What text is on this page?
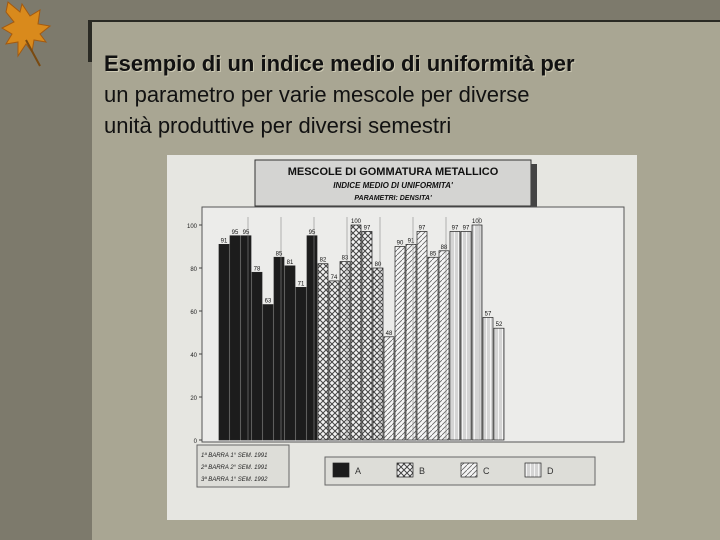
Esempio di un indice medio di uniformità per
un parametro per varie mescole per diverse
unità produttive per diversi semestri
MESCOLE DI GOMMATURA METALLICO
INDICE MEDIO DI UNIFORMITA'
PARAMETRI: DENSITA'
0
20
40
60
80
100
91
95 95
78
63
85
81
71
95
82
74
83
100
97
80
48
90 91
97
85
88
97 97
100
57
52
1ª BARRA 1° SEM. 1991
2ª BARRA 2° SEM. 1991
3ª BARRA 1° SEM. 1992
A	B	C	D
